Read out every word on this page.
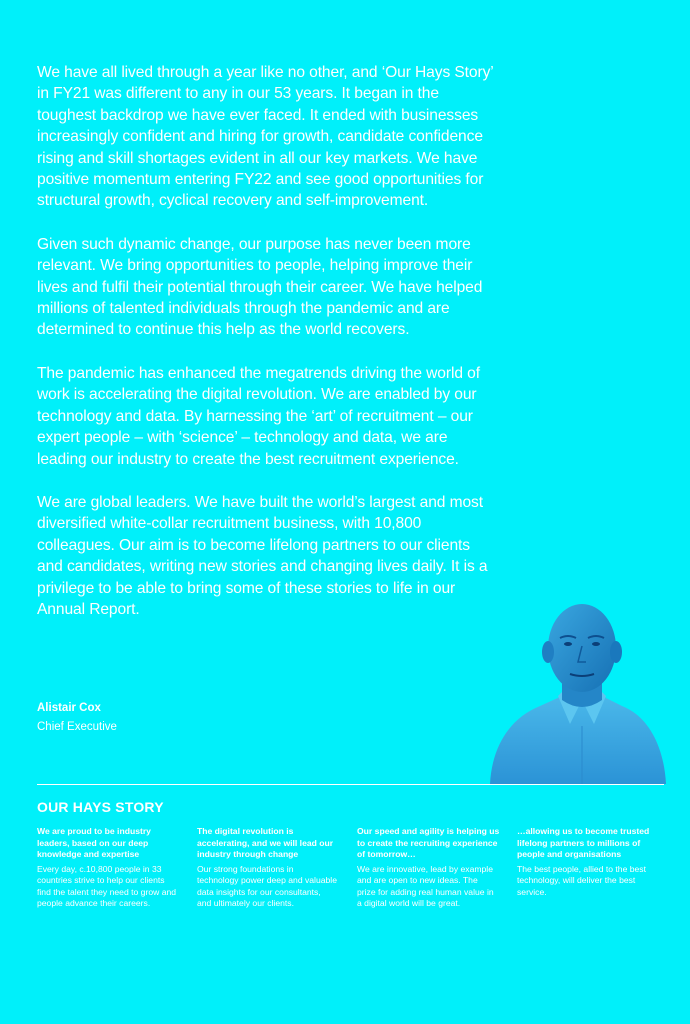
We have all lived through a year like no other, and ‘Our Hays Story’ in FY21 was different to any in our 53 years. It began in the toughest backdrop we have ever faced. It ended with businesses increasingly confident and hiring for growth, candidate confidence rising and skill shortages evident in all our key markets. We have positive momentum entering FY22 and see good opportunities for structural growth, cyclical recovery and self-improvement.

Given such dynamic change, our purpose has never been more relevant. We bring opportunities to people, helping improve their lives and fulfil their potential through their career. We have helped millions of talented individuals through the pandemic and are determined to continue this help as the world recovers.

The pandemic has enhanced the megatrends driving the world of work is accelerating the digital revolution. We are enabled by our technology and data. By harnessing the ‘art’ of recruitment – our expert people – with ‘science’ – technology and data, we are leading our industry to create the best recruitment experience.

We are global leaders. We have built the world’s largest and most diversified white-collar recruitment business, with 10,800 colleagues. Our aim is to become lifelong partners to our clients and candidates, writing new stories and changing lives daily. It is a privilege to be able to bring some of these stories to life in our Annual Report.

Alistair Cox
Chief Executive
OUR HAYS STORY

We are proud to be industry leaders, based on our deep knowledge and expertise

Every day, c.10,800 people in 33 countries strive to help our clients find the talent they need to grow and people advance their careers.

The digital revolution is accelerating, and we will lead our industry through change

Our strong foundations in technology power deep and valuable data insights for our consultants, and ultimately our clients.

Our speed and agility is helping us to create the recruiting experience of tomorrow…

We are innovative, lead by example and are open to new ideas. The prize for adding real human value in a digital world will be great.

…allowing us to become trusted lifelong partners to millions of people and organisations

The best people, allied to the best technology, will deliver the best service.
